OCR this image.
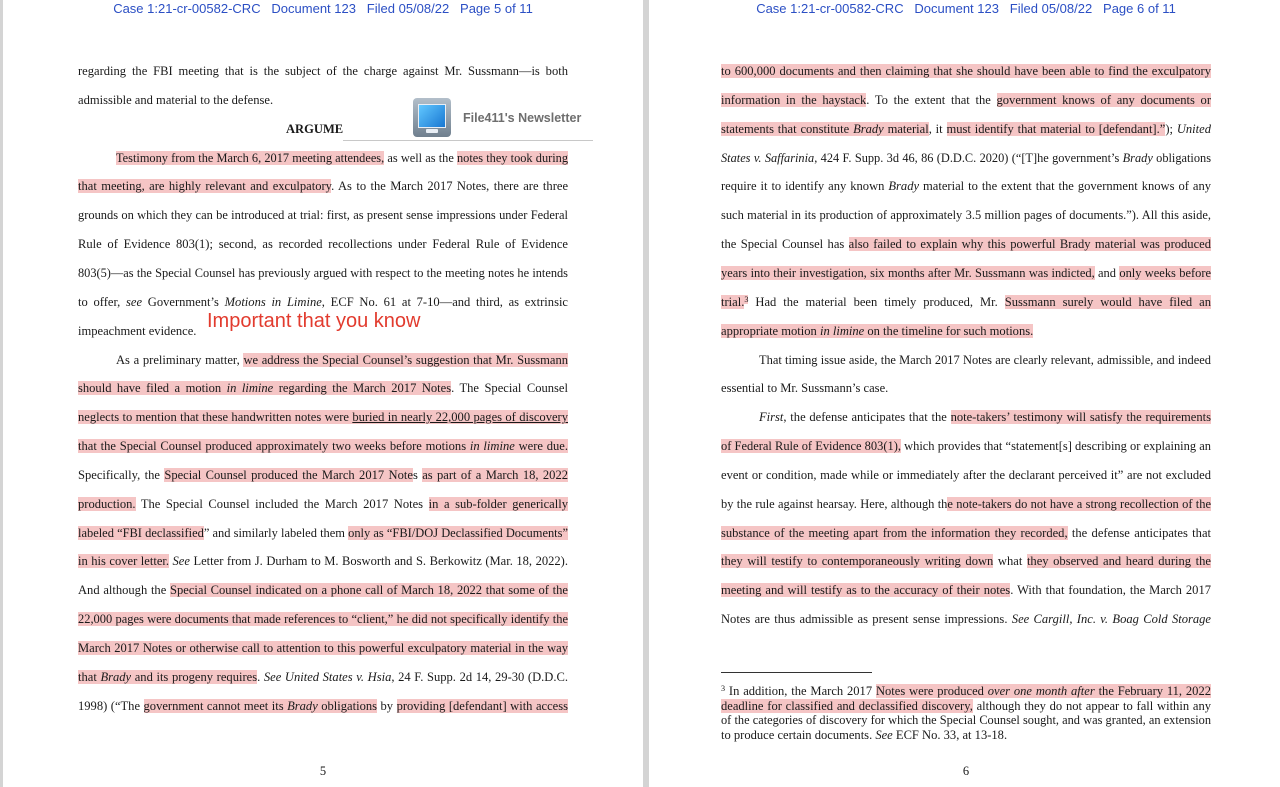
Case 1:21-cr-00582-CRC   Document 123   Filed 05/08/22   Page 5 of 11
5
regarding the FBI meeting that is the subject of the charge against Mr. Sussmann—is both
admissible and material to the defense.
ARGUME
Testimony from the March 6, 2017 meeting attendees, as well as the notes they took during
that meeting, are highly relevant and exculpatory. As to the March 2017 Notes, there are three
grounds on which they can be introduced at trial: first, as present sense impressions under Federal
Rule of Evidence 803(1); second, as recorded recollections under Federal Rule of Evidence
803(5)—as the Special Counsel has previously argued with respect to the meeting notes he intends
to offer, see Government’s Motions in Limine, ECF No. 61 at 7-10—and third, as extrinsic
impeachment evidence.
As a preliminary matter, we address the Special Counsel’s suggestion that Mr. Sussmann
should have filed a motion in limine regarding the March 2017 Notes. The Special Counsel
neglects to mention that these handwritten notes were buried in nearly 22,000 pages of discovery
that the Special Counsel produced approximately two weeks before motions in limine were due.
Specifically, the Special Counsel produced the March 2017 Notes as part of a March 18, 2022
production. The Special Counsel included the March 2017 Notes in a sub-folder generically
labeled “FBI declassified” and similarly labeled them only as “FBI/DOJ Declassified Documents”
in his cover letter. See Letter from J. Durham to M. Bosworth and S. Berkowitz (Mar. 18, 2022).
And although the Special Counsel indicated on a phone call of March 18, 2022 that some of the
22,000 pages were documents that made references to “client,” he did not specifically identify the
March 2017 Notes or otherwise call to attention to this powerful exculpatory material in the way
that Brady and its progeny requires. See United States v. Hsia, 24 F. Supp. 2d 14, 29-30 (D.D.C.
1998) (“The government cannot meet its Brady obligations by providing [defendant] with access
Important that you know
File411's Newsletter
Case 1:21-cr-00582-CRC   Document 123   Filed 05/08/22   Page 6 of 11
6
to 600,000 documents and then claiming that she should have been able to find the exculpatory
information in the haystack. To the extent that the government knows of any documents or
statements that constitute Brady material, it must identify that material to [defendant].”); United
States v. Saffarinia, 424 F. Supp. 3d 46, 86 (D.D.C. 2020) (“[T]he government’s Brady obligations
require it to identify any known Brady material to the extent that the government knows of any
such material in its production of approximately 3.5 million pages of documents.”). All this aside,
the Special Counsel has also failed to explain why this powerful Brady material was produced
years into their investigation, six months after Mr. Sussmann was indicted, and only weeks before
trial.$^3$ Had the material been timely produced, Mr. Sussmann surely would have filed an
appropriate motion in limine on the timeline for such motions.
That timing issue aside, the March 2017 Notes are clearly relevant, admissible, and indeed
essential to Mr. Sussmann’s case.
First, the defense anticipates that the note-takers’ testimony will satisfy the requirements
of Federal Rule of Evidence 803(1), which provides that “statement[s] describing or explaining an
event or condition, made while or immediately after the declarant perceived it” are not excluded
by the rule against hearsay. Here, although the note-takers do not have a strong recollection of the
substance of the meeting apart from the information they recorded, the defense anticipates that
they will testify to contemporaneously writing down what they observed and heard during the
meeting and will testify as to the accuracy of their notes. With that foundation, the March 2017
Notes are thus admissible as present sense impressions. See Cargill, Inc. v. Boag Cold Storage
$^3$ In addition, the March 2017 Notes were produced over one month after the February 11, 2022
deadline for classified and declassified discovery, although they do not appear to fall within any
of the categories of discovery for which the Special Counsel sought, and was granted, an extension
to produce certain documents. See ECF No. 33, at 13-18.
